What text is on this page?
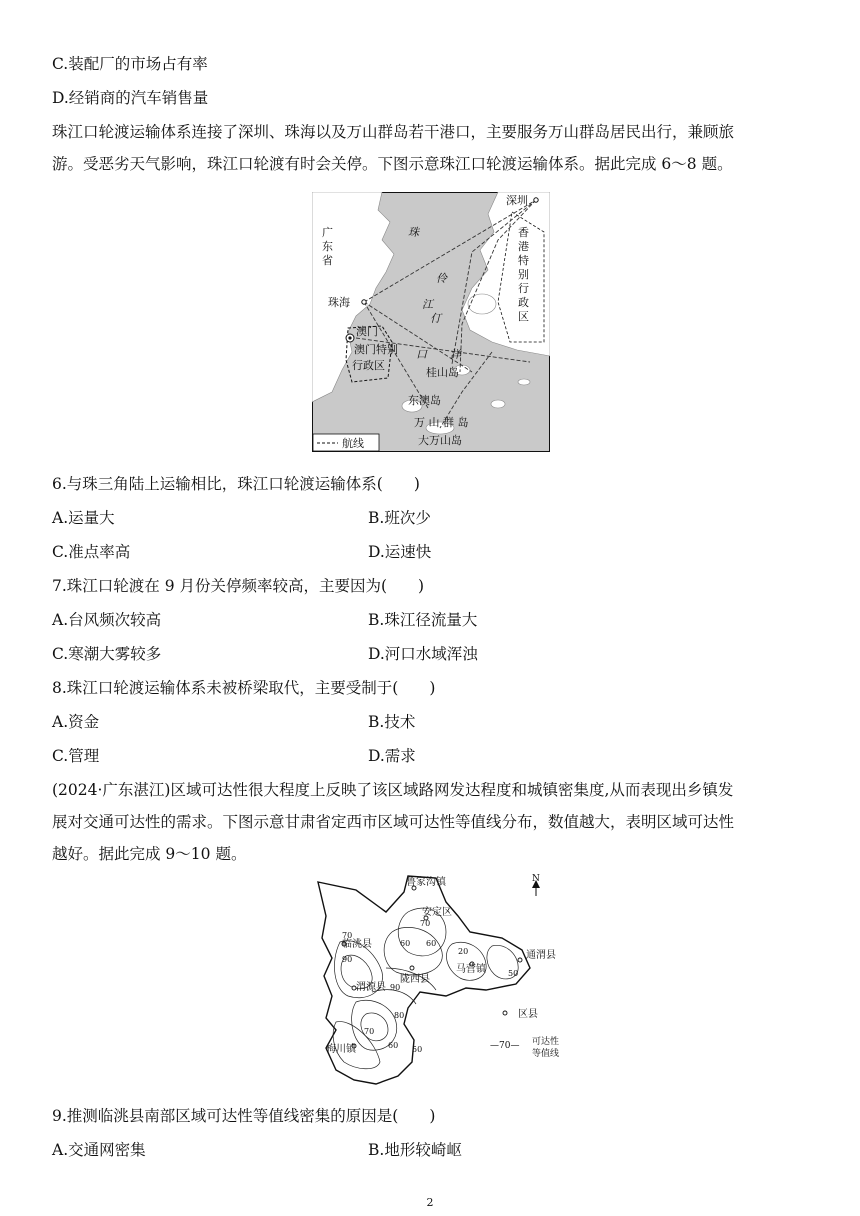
C.装配厂的市场占有率
D.经销商的汽车销售量
珠江口轮渡运输体系连接了深圳、珠海以及万山群岛若干港口，主要服务万山群岛居民出行，兼顾旅
游。受恶劣天气影响，珠江口轮渡有时会关停。下图示意珠江口轮渡运输体系。据此完成 6～8 题。
深圳
广
东
省
珠
伶
江
仃
口 洋
香
港
特
别
行
政
区
珠海
澳门
澳门特别
行政区
桂山岛
东澳岛
万 山 群 岛
大万山岛
航线
6.与珠三角陆上运输相比，珠江口轮渡运输体系(　　)
A.运量大	B.班次少
C.准点率高	D.运速快
7.珠江口轮渡在 9 月份关停频率较高，主要因为(　　)
A.台风频次较高	B.珠江径流量大
C.寒潮大雾较多	D.河口水域浑浊
8.珠江口轮渡运输体系未被桥梁取代，主要受制于(　　)
A.资金	B.技术
C.管理	D.需求
(2024·广东湛江)区域可达性很大程度上反映了该区域路网发达程度和城镇密集度,从而表现出乡镇发
展对交通可达性的需求。下图示意甘肃省定西市区域可达性等值线分布，数值越大，表明区域可达性
越好。据此完成 9～10 题。
N
鲁家沟镇
安定区
临洮县
陇西县
通渭县
马营镇
渭源县
梅川镇
70
60 60
70
90
20
50
90
80
70
60 50
区县
—70— 可达性
等值线
9.推测临洮县南部区域可达性等值线密集的原因是(　　)
A.交通网密集	B.地形较崎岖
2
